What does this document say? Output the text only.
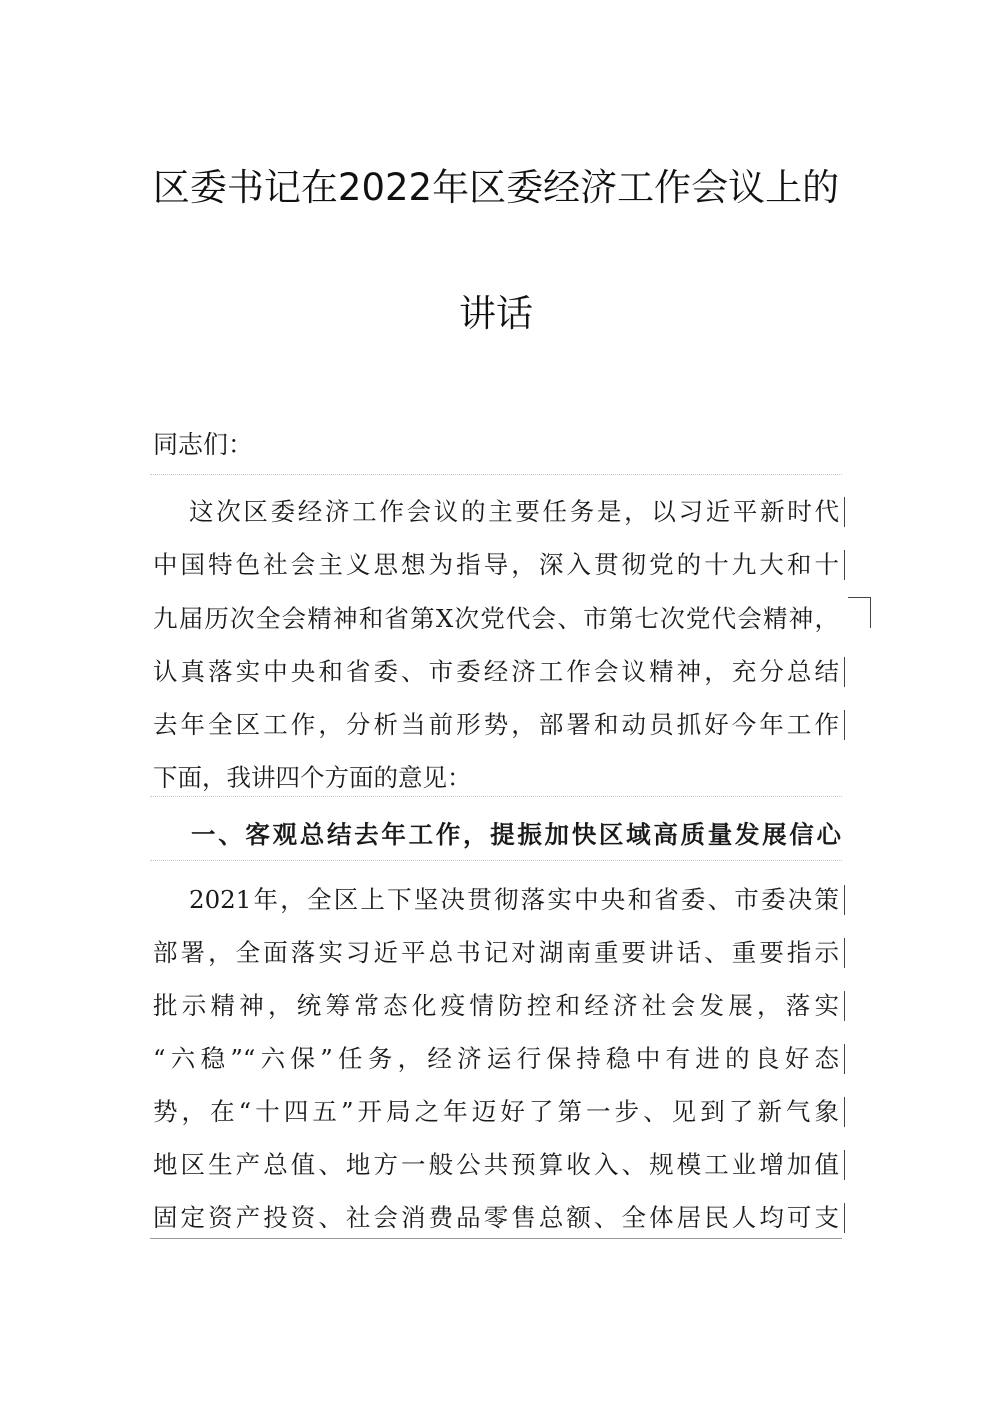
区委书记在2022年区委经济工作会议上的
讲话
同志们：
这次区委经济工作会议的主要任务是，以习近平新时代
中国特色社会主义思想为指导，深入贯彻党的十九大和十
九届历次全会精神和省第X次党代会、市第七次党代会精神，
认真落实中央和省委、市委经济工作会议精神，充分总结
去年全区工作，分析当前形势，部署和动员抓好今年工作
下面，我讲四个方面的意见：
一、客观总结去年工作，提振加快区域高质量发展信心
2021年，全区上下坚决贯彻落实中央和省委、市委决策
部署，全面落实习近平总书记对湖南重要讲话、重要指示
批示精神，统筹常态化疫情防控和经济社会发展，落实
“六稳”“六保”任务，经济运行保持稳中有进的良好态
势，在“十四五”开局之年迈好了第一步、见到了新气象
地区生产总值、地方一般公共预算收入、规模工业增加值
固定资产投资、社会消费品零售总额、全体居民人均可支
